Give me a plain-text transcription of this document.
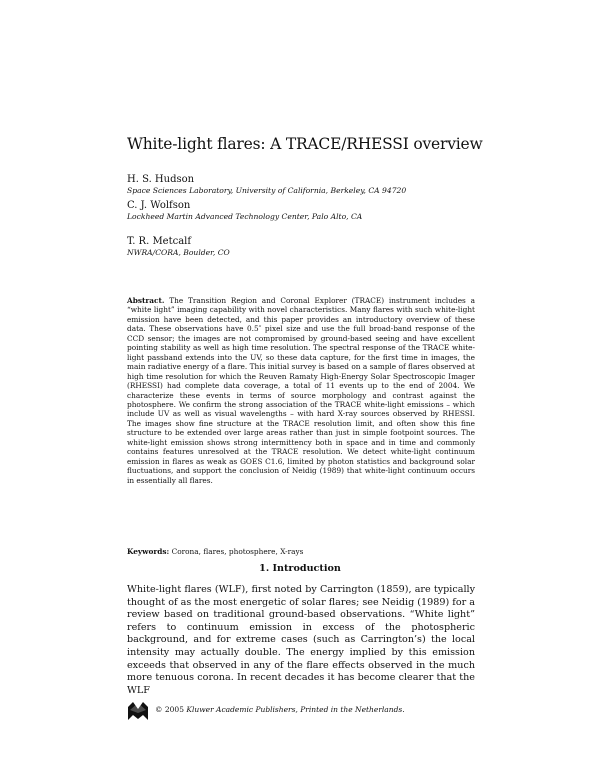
White-light flares: A TRACE/RHESSI overview
H. S. Hudson
Space Sciences Laboratory, University of California, Berkeley, CA 94720
C. J. Wolfson
Lockheed Martin Advanced Technology Center, Palo Alto, CA
T. R. Metcalf
NWRA/CORA, Boulder, CO
Abstract. The Transition Region and Coronal Explorer (TRACE) instrument includes a “white light” imaging capability with novel characteristics. Many flares with such white-light emission have been detected, and this paper provides an introductory overview of these data. These observations have 0.5″ pixel size and use the full broad-band response of the CCD sensor; the images are not compromised by ground-based seeing and have excellent pointing stability as well as high time resolution. The spectral response of the TRACE white-light passband extends into the UV, so these data capture, for the first time in images, the main radiative energy of a flare. This initial survey is based on a sample of flares observed at high time resolution for which the Reuven Ramaty High-Energy Solar Spectroscopic Imager (RHESSI) had complete data coverage, a total of 11 events up to the end of 2004. We characterize these events in terms of source morphology and contrast against the photosphere. We confirm the strong association of the TRACE white-light emissions – which include UV as well as visual wavelengths – with hard X-ray sources observed by RHESSI. The images show fine structure at the TRACE resolution limit, and often show this fine structure to be extended over large areas rather than just in simple footpoint sources. The white-light emission shows strong intermittency both in space and in time and commonly contains features unresolved at the TRACE resolution. We detect white-light continuum emission in flares as weak as GOES C1.6, limited by photon statistics and background solar fluctuations, and support the conclusion of Neidig (1989) that white-light continuum occurs in essentially all flares.
Keywords: Corona, flares, photosphere, X-rays
1. Introduction
White-light flares (WLF), first noted by Carrington (1859), are typically thought of as the most energetic of solar flares; see Neidig (1989) for a review based on traditional ground-based observations. “White light” refers to continuum emission in excess of the photospheric background, and for extreme cases (such as Carrington’s) the local intensity may actually double. The energy implied by this emission exceeds that observed in any of the flare effects observed in the much more tenuous corona. In recent decades it has become clearer that the WLF
© 2005 Kluwer Academic Publishers, Printed in the Netherlands.
